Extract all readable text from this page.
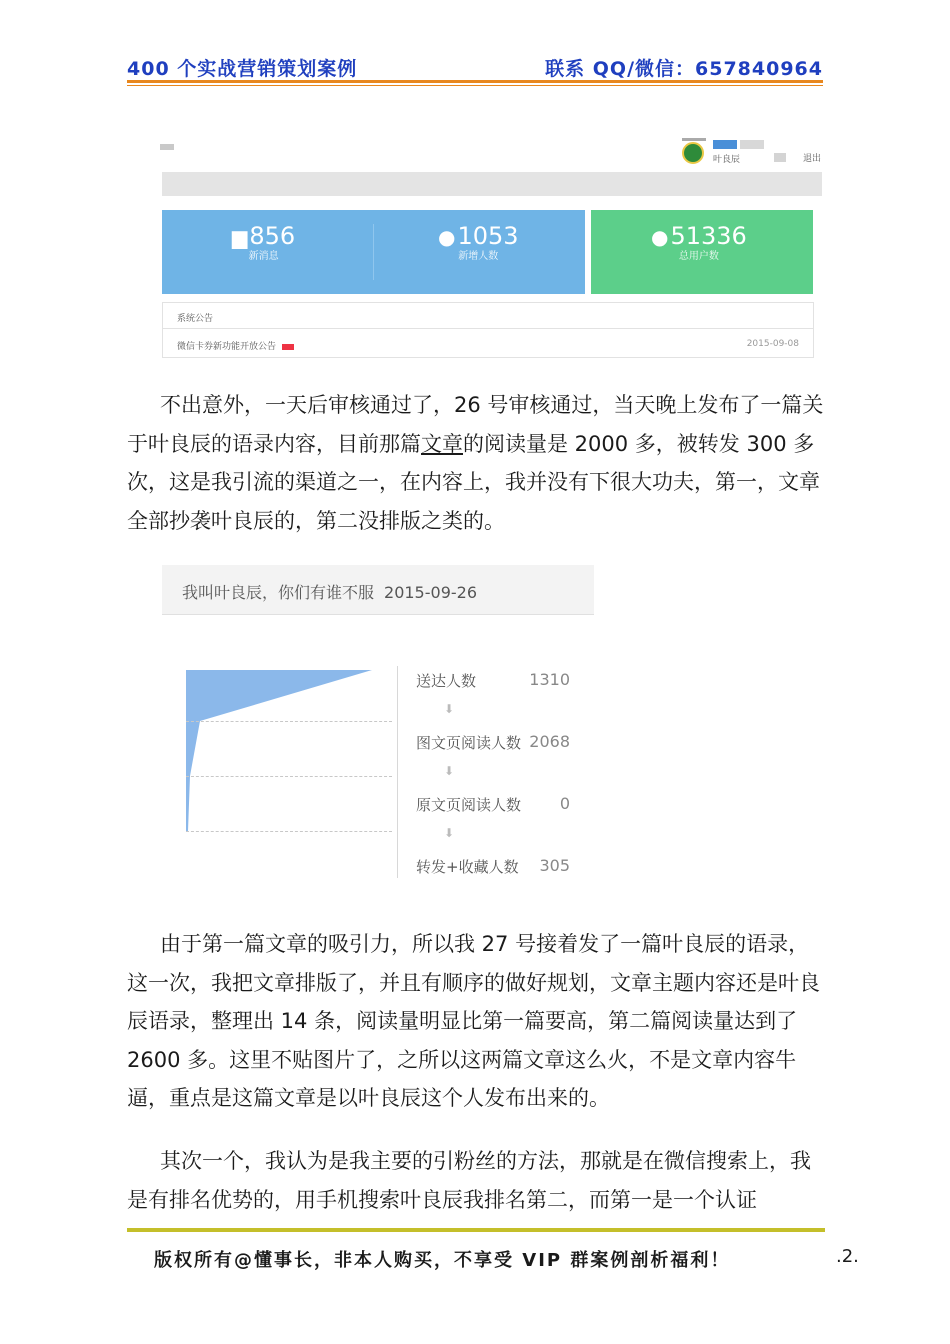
400 个实战营销策划案例	联系 QQ/微信：657840964
叶良辰	退出
▆856
新消息
●1053
新增人数
●51336
总用户数
系统公告
微信卡券新功能开放公告	2015-09-08

不出意外，一天后审核通过了，26 号审核通过，当天晚上发布了一篇关于叶良辰的语录内容，目前那篇文章的阅读量是 2000 多，被转发 300 多次，这是我引流的渠道之一，在内容上，我并没有下很大功夫，第一，文章全部抄袭叶良辰的，第二没排版之类的。

我叫叶良辰，你们有谁不服 2015-09-26
送达人数	1310
⬇
图文页阅读人数 2068
⬇
原文页阅读人数 0
⬇
转发+收藏人数 305

由于第一篇文章的吸引力，所以我 27 号接着发了一篇叶良辰的语录，这一次，我把文章排版了，并且有顺序的做好规划，文章主题内容还是叶良辰语录，整理出 14 条，阅读量明显比第一篇要高，第二篇阅读量达到了 2600 多。这里不贴图片了，之所以这两篇文章这么火，不是文章内容牛逼，重点是这篇文章是以叶良辰这个人发布出来的。

其次一个，我认为是我主要的引粉丝的方法，那就是在微信搜索上，我是有排名优势的，用手机搜索叶良辰我排名第二，而第一是一个认证

版权所有@懂事长，非本人购买，不享受 VIP 群案例剖析福利！	.2.
